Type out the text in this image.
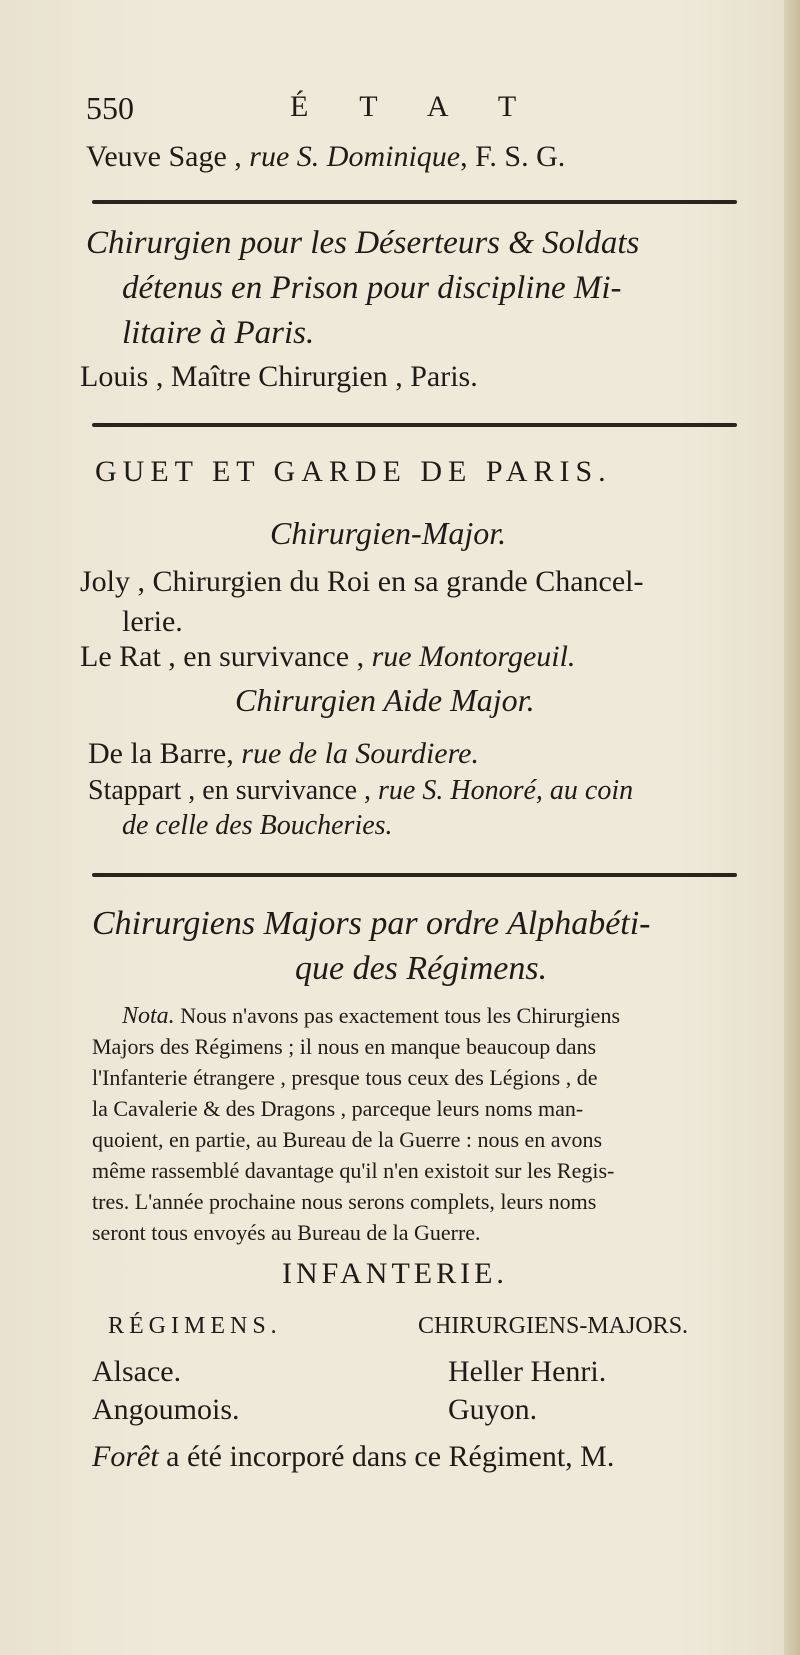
550	É T A T
Veuve Sage , rue S. Dominique, F. S. G.
Chirurgien pour les Déserteurs & Soldats
détenus en Prison pour discipline Mi-
litaire à Paris.
Louis , Maître Chirurgien , Paris.
GUET ET GARDE DE PARIS.
Chirurgien-Major.
Joly , Chirurgien du Roi en sa grande Chancel-
lerie.
Le Rat , en survivance , rue Montorgeuil.
Chirurgien Aide Major.
De la Barre, rue de la Sourdiere.
Stappart , en survivance , rue S. Honoré, au coin
de celle des Boucheries.
Chirurgiens Majors par ordre Alphabéti-
que des Régimens.
Nota. Nous n'avons pas exactement tous les Chirurgiens
Majors des Régimens ; il nous en manque beaucoup dans
l'Infanterie étrangere , presque tous ceux des Légions , de
la Cavalerie & des Dragons , parceque leurs noms man-
quoient, en partie, au Bureau de la Guerre : nous en avons
même rassemblé davantage qu'il n'en existoit sur les Regis-
tres. L'année prochaine nous serons complets, leurs noms
seront tous envoyés au Bureau de la Guerre.
INFANTERIE.
RÉGIMENS.	CHIRURGIENS-MAJORS.
Alsace.	Heller Henri.
Angoumois.	Guyon.
Forêt a été incorporé dans ce Régiment, M.
